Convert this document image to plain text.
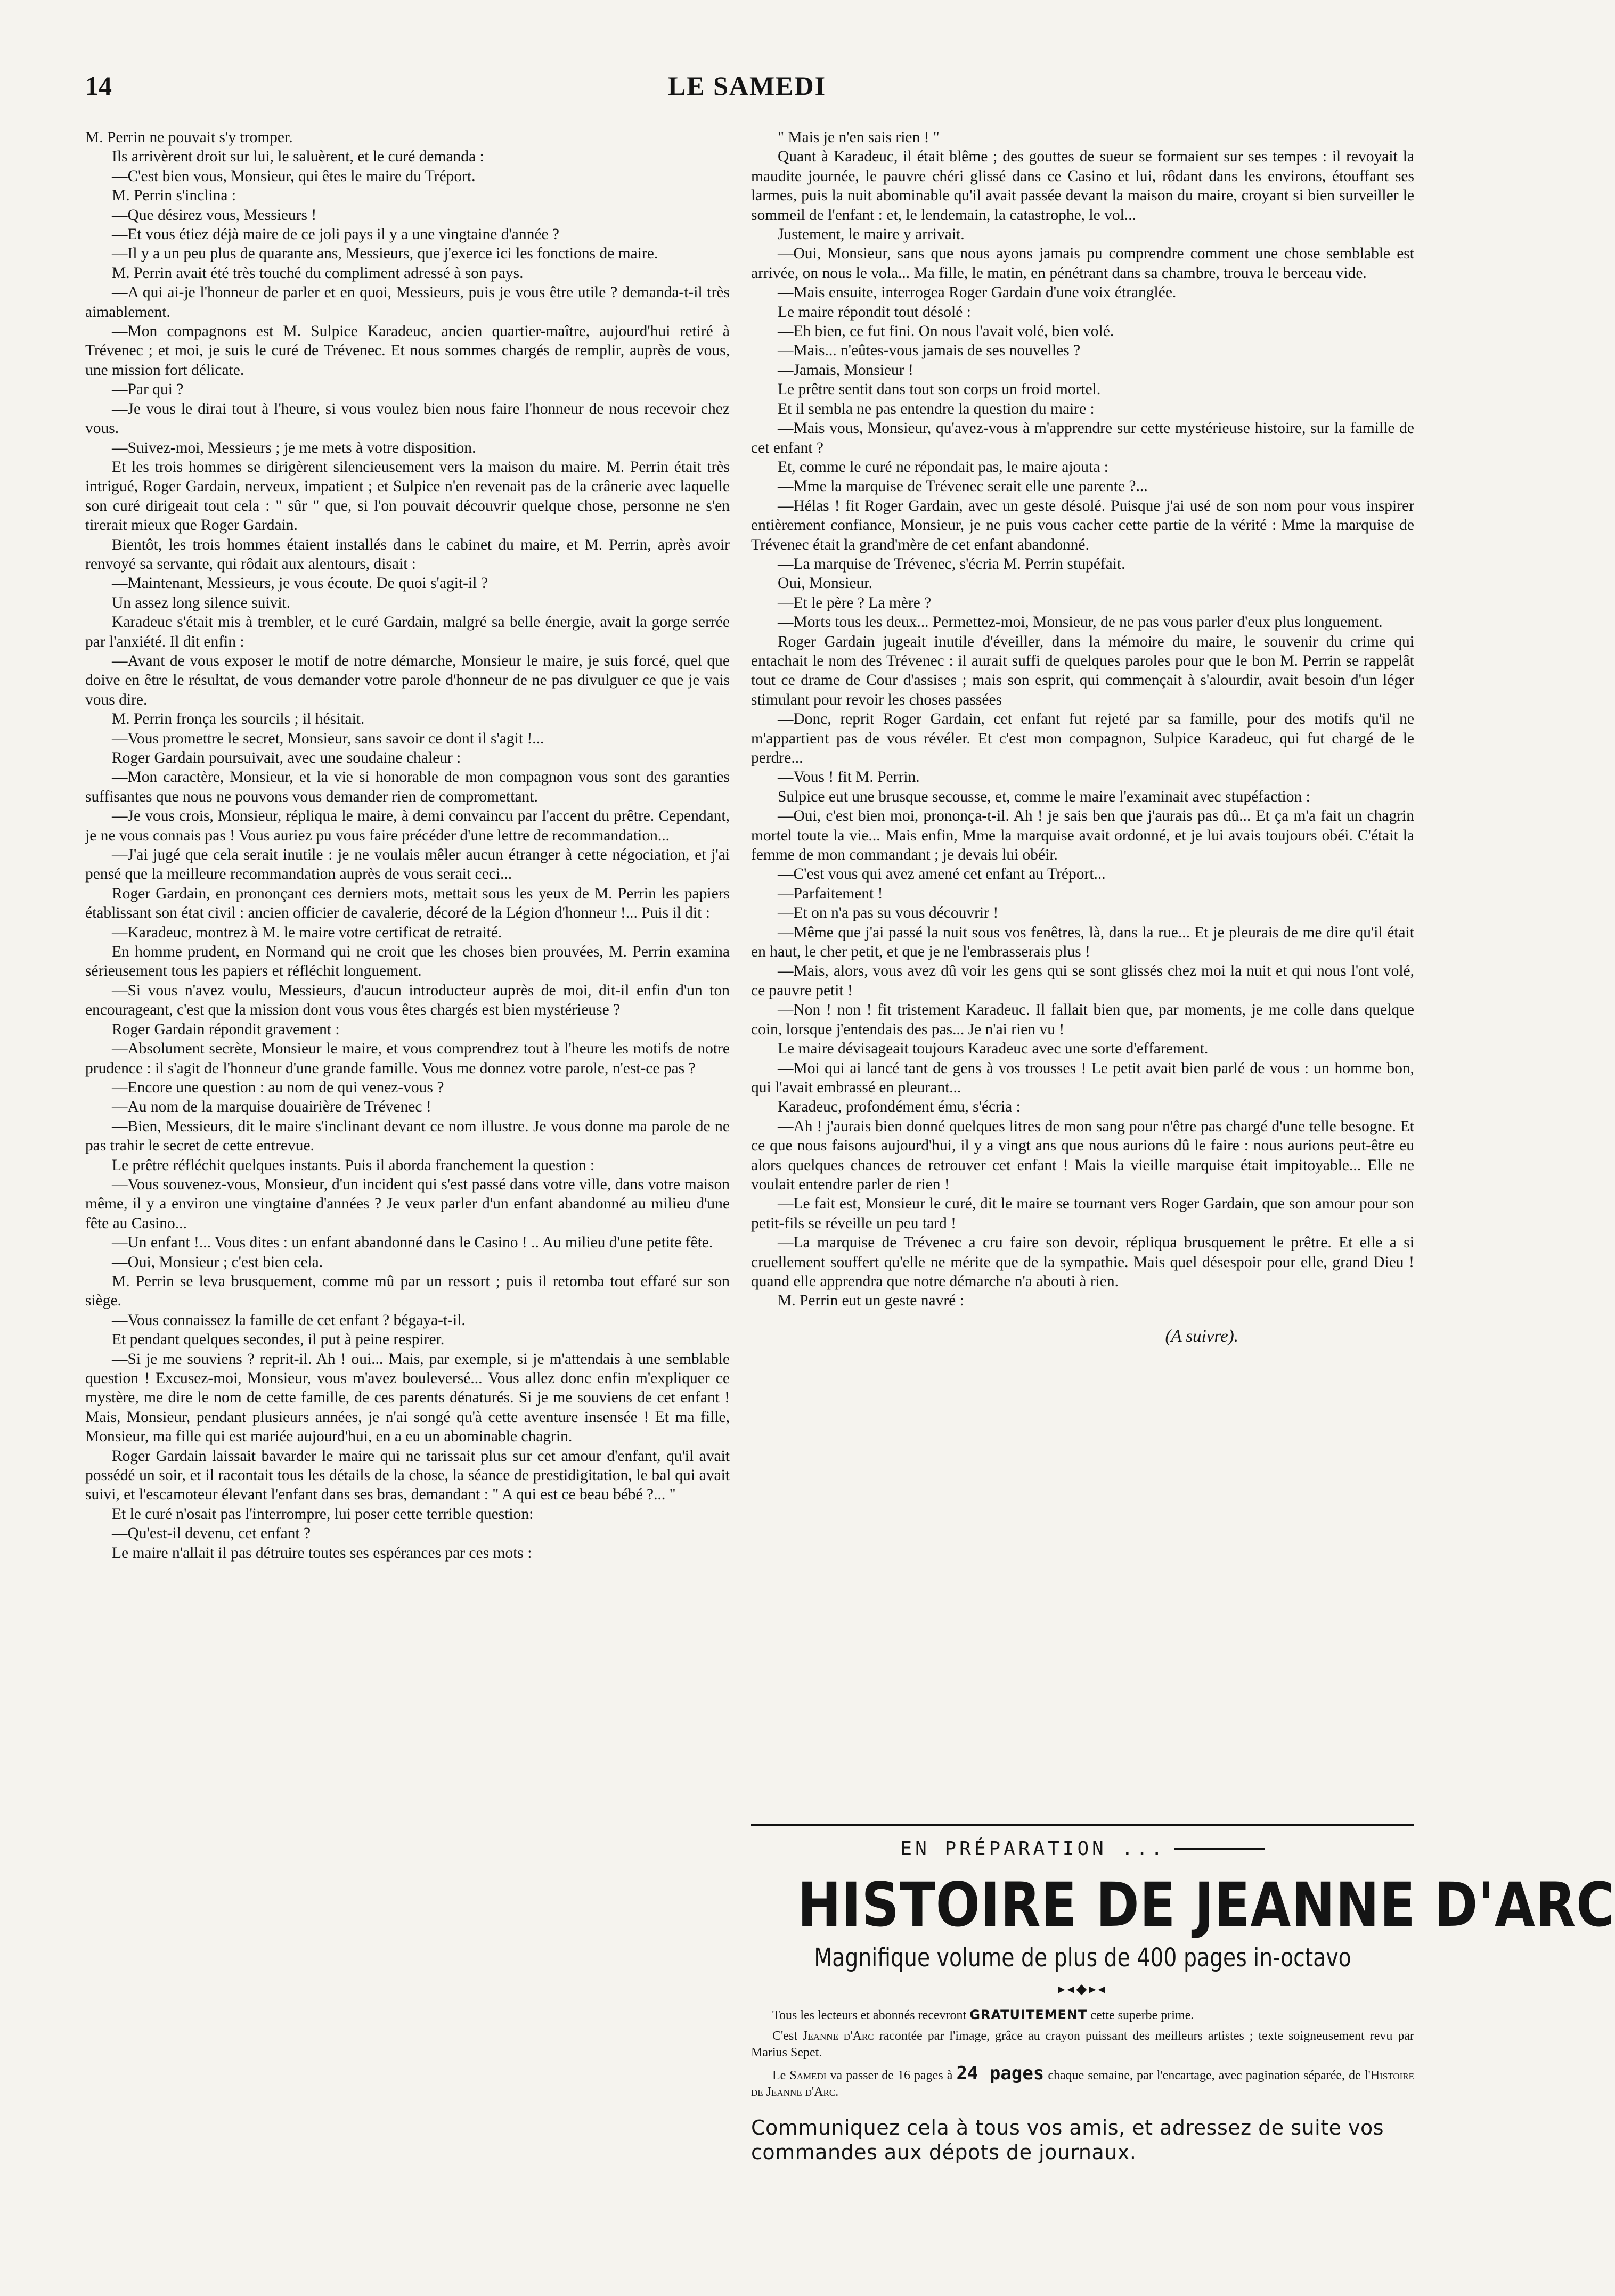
14	LE SAMEDI

M. Perrin ne pouvait s'y tromper.

Ils arrivèrent droit sur lui, le saluèrent, et le curé demanda :

—C'est bien vous, Monsieur, qui êtes le maire du Tréport.

M. Perrin s'inclina :

—Que désirez vous, Messieurs !

—Et vous étiez déjà maire de ce joli pays il y a une vingtaine d'année ?

—Il y a un peu plus de quarante ans, Messieurs, que j'exerce ici les fonctions de maire.

M. Perrin avait été très touché du compliment adressé à son pays.

—A qui ai-je l'honneur de parler et en quoi, Messieurs, puis je vous être utile ? demanda-t-il très aimablement.

—Mon compagnons est M. Sulpice Karadeuc, ancien quartier-maître, aujourd'hui retiré à Trévenec ; et moi, je suis le curé de Trévenec. Et nous sommes chargés de remplir, auprès de vous, une mission fort délicate.

—Par qui ?

—Je vous le dirai tout à l'heure, si vous voulez bien nous faire l'honneur de nous recevoir chez vous.

—Suivez-moi, Messieurs ; je me mets à votre disposition.

Et les trois hommes se dirigèrent silencieusement vers la maison du maire. M. Perrin était très intrigué, Roger Gardain, nerveux, impatient ; et Sulpice n'en revenait pas de la crânerie avec laquelle son curé dirigeait tout cela : " sûr " que, si l'on pouvait découvrir quelque chose, personne ne s'en tirerait mieux que Roger Gardain.

Bientôt, les trois hommes étaient installés dans le cabinet du maire, et M. Perrin, après avoir renvoyé sa servante, qui rôdait aux alentours, disait :

—Maintenant, Messieurs, je vous écoute. De quoi s'agit-il ?

Un assez long silence suivit.

Karadeuc s'était mis à trembler, et le curé Gardain, malgré sa belle énergie, avait la gorge serrée par l'anxiété. Il dit enfin :

—Avant de vous exposer le motif de notre démarche, Monsieur le maire, je suis forcé, quel que doive en être le résultat, de vous demander votre parole d'honneur de ne pas divulguer ce que je vais vous dire.

M. Perrin fronça les sourcils ; il hésitait.

—Vous promettre le secret, Monsieur, sans savoir ce dont il s'agit !...

Roger Gardain poursuivait, avec une soudaine chaleur :

—Mon caractère, Monsieur, et la vie si honorable de mon compagnon vous sont des garanties suffisantes que nous ne pouvons vous demander rien de compromettant.

—Je vous crois, Monsieur, répliqua le maire, à demi convaincu par l'accent du prêtre. Cependant, je ne vous connais pas ! Vous auriez pu vous faire précéder d'une lettre de recommandation...

—J'ai jugé que cela serait inutile : je ne voulais mêler aucun étranger à cette négociation, et j'ai pensé que la meilleure recommandation auprès de vous serait ceci...

Roger Gardain, en prononçant ces derniers mots, mettait sous les yeux de M. Perrin les papiers établissant son état civil : ancien officier de cavalerie, décoré de la Légion d'honneur !... Puis il dit :

—Karadeuc, montrez à M. le maire votre certificat de retraité.

En homme prudent, en Normand qui ne croit que les choses bien prouvées, M. Perrin examina sérieusement tous les papiers et réfléchit longuement.

—Si vous n'avez voulu, Messieurs, d'aucun introducteur auprès de moi, dit-il enfin d'un ton encourageant, c'est que la mission dont vous vous êtes chargés est bien mystérieuse ?

Roger Gardain répondit gravement :

—Absolument secrète, Monsieur le maire, et vous comprendrez tout à l'heure les motifs de notre prudence : il s'agit de l'honneur d'une grande famille. Vous me donnez votre parole, n'est-ce pas ?

—Encore une question : au nom de qui venez-vous ?

—Au nom de la marquise douairière de Trévenec !

—Bien, Messieurs, dit le maire s'inclinant devant ce nom illustre. Je vous donne ma parole de ne pas trahir le secret de cette entrevue.

Le prêtre réfléchit quelques instants. Puis il aborda franchement la question :

—Vous souvenez-vous, Monsieur, d'un incident qui s'est passé dans votre ville, dans votre maison même, il y a environ une vingtaine d'années ? Je veux parler d'un enfant abandonné au milieu d'une fête au Casino...

—Un enfant !... Vous dites : un enfant abandonné dans le Casino ! .. Au milieu d'une petite fête.

—Oui, Monsieur ; c'est bien cela.

M. Perrin se leva brusquement, comme mû par un ressort ; puis il retomba tout effaré sur son siège.

—Vous connaissez la famille de cet enfant ? bégaya-t-il.

Et pendant quelques secondes, il put à peine respirer.

—Si je me souviens ? reprit-il. Ah ! oui... Mais, par exemple, si je m'attendais à une semblable question ! Excusez-moi, Monsieur, vous m'avez bouleversé... Vous allez donc enfin m'expliquer ce mystère, me dire le nom de cette famille, de ces parents dénaturés. Si je me souviens de cet enfant ! Mais, Monsieur, pendant plusieurs années, je n'ai songé qu'à cette aventure insensée ! Et ma fille, Monsieur, ma fille qui est mariée aujourd'hui, en a eu un abominable chagrin.

Roger Gardain laissait bavarder le maire qui ne tarissait plus sur cet amour d'enfant, qu'il avait possédé un soir, et il racontait tous les détails de la chose, la séance de prestidigitation, le bal qui avait suivi, et l'escamoteur élevant l'enfant dans ses bras, demandant : " A qui est ce beau bébé ?... "

Et le curé n'osait pas l'interrompre, lui poser cette terrible question:

—Qu'est-il devenu, cet enfant ?

Le maire n'allait il pas détruire toutes ses espérances par ces mots :

" Mais je n'en sais rien ! "

Quant à Karadeuc, il était blême ; des gouttes de sueur se formaient sur ses tempes : il revoyait la maudite journée, le pauvre chéri glissé dans ce Casino et lui, rôdant dans les environs, étouffant ses larmes, puis la nuit abominable qu'il avait passée devant la maison du maire, croyant si bien surveiller le sommeil de l'enfant : et, le lendemain, la catastrophe, le vol...

Justement, le maire y arrivait.

—Oui, Monsieur, sans que nous ayons jamais pu comprendre comment une chose semblable est arrivée, on nous le vola... Ma fille, le matin, en pénétrant dans sa chambre, trouva le berceau vide.

—Mais ensuite, interrogea Roger Gardain d'une voix étranglée.

Le maire répondit tout désolé :

—Eh bien, ce fut fini. On nous l'avait volé, bien volé.

—Mais... n'eûtes-vous jamais de ses nouvelles ?

—Jamais, Monsieur !

Le prêtre sentit dans tout son corps un froid mortel.

Et il sembla ne pas entendre la question du maire :

—Mais vous, Monsieur, qu'avez-vous à m'apprendre sur cette mystérieuse histoire, sur la famille de cet enfant ?

Et, comme le curé ne répondait pas, le maire ajouta :

—Mme la marquise de Trévenec serait elle une parente ?...

—Hélas ! fit Roger Gardain, avec un geste désolé. Puisque j'ai usé de son nom pour vous inspirer entièrement confiance, Monsieur, je ne puis vous cacher cette partie de la vérité : Mme la marquise de Trévenec était la grand'mère de cet enfant abandonné.

—La marquise de Trévenec, s'écria M. Perrin stupéfait.

Oui, Monsieur.

—Et le père ? La mère ?

—Morts tous les deux... Permettez-moi, Monsieur, de ne pas vous parler d'eux plus longuement.

Roger Gardain jugeait inutile d'éveiller, dans la mémoire du maire, le souvenir du crime qui entachait le nom des Trévenec : il aurait suffi de quelques paroles pour que le bon M. Perrin se rappelât tout ce drame de Cour d'assises ; mais son esprit, qui commençait à s'alourdir, avait besoin d'un léger stimulant pour revoir les choses passées

—Donc, reprit Roger Gardain, cet enfant fut rejeté par sa famille, pour des motifs qu'il ne m'appartient pas de vous révéler. Et c'est mon compagnon, Sulpice Karadeuc, qui fut chargé de le perdre...

—Vous ! fit M. Perrin.

Sulpice eut une brusque secousse, et, comme le maire l'examinait avec stupéfaction :

—Oui, c'est bien moi, prononça-t-il. Ah ! je sais ben que j'aurais pas dû... Et ça m'a fait un chagrin mortel toute la vie... Mais enfin, Mme la marquise avait ordonné, et je lui avais toujours obéi. C'était la femme de mon commandant ; je devais lui obéir.

—C'est vous qui avez amené cet enfant au Tréport...

—Parfaitement !

—Et on n'a pas su vous découvrir !

—Même que j'ai passé la nuit sous vos fenêtres, là, dans la rue... Et je pleurais de me dire qu'il était en haut, le cher petit, et que je ne l'embrasserais plus !

—Mais, alors, vous avez dû voir les gens qui se sont glissés chez moi la nuit et qui nous l'ont volé, ce pauvre petit !

—Non ! non ! fit tristement Karadeuc. Il fallait bien que, par moments, je me colle dans quelque coin, lorsque j'entendais des pas... Je n'ai rien vu !

Le maire dévisageait toujours Karadeuc avec une sorte d'effarement.

—Moi qui ai lancé tant de gens à vos trousses ! Le petit avait bien parlé de vous : un homme bon, qui l'avait embrassé en pleurant...

Karadeuc, profondément ému, s'écria :

—Ah ! j'aurais bien donné quelques litres de mon sang pour n'être pas chargé d'une telle besogne. Et ce que nous faisons aujourd'hui, il y a vingt ans que nous aurions dû le faire : nous aurions peut-être eu alors quelques chances de retrouver cet enfant ! Mais la vieille marquise était impitoyable... Elle ne voulait entendre parler de rien !

—Le fait est, Monsieur le curé, dit le maire se tournant vers Roger Gardain, que son amour pour son petit-fils se réveille un peu tard !

—La marquise de Trévenec a cru faire son devoir, répliqua brusquement le prêtre. Et elle a si cruellement souffert qu'elle ne mérite que de la sympathie. Mais quel désespoir pour elle, grand Dieu ! quand elle apprendra que notre démarche n'a abouti à rien.

M. Perrin eut un geste navré :

(A suivre).
EN PRÉPARATION ...
HISTOIRE DE JEANNE D'ARC
Magnifique volume de plus de 400 pages in-octavo
▸◂◆▸◂

Tous les lecteurs et abonnés recevront GRATUITEMENT cette superbe prime.

C'est Jeanne d'Arc racontée par l'image, grâce au crayon puissant des meilleurs artistes ; texte soigneusement revu par Marius Sepet.

Le Samedi va passer de 16 pages à 24 pages chaque semaine, par l'encartage, avec pagination séparée, de l'Histoire de Jeanne d'Arc.

Communiquez cela à tous vos amis, et adressez de suite vos commandes aux dépots de journaux.
